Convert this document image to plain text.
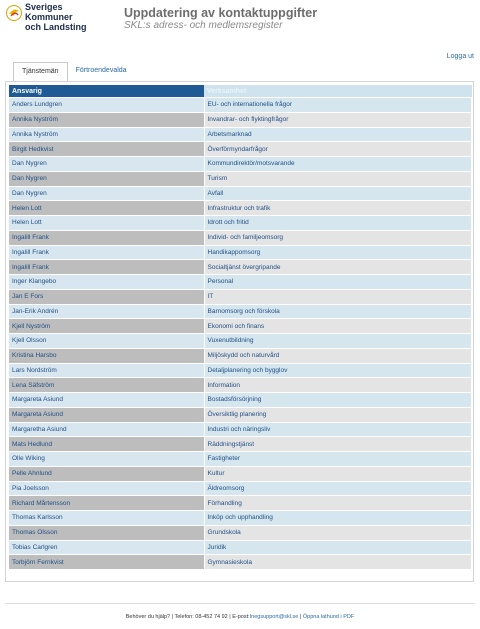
Sveriges
Kommuner
och Landsting
Uppdatering av kontaktuppgifter
SKL:s adress- och medlemsregister
Logga ut
Tjänstemän	Förtroendevalda
Ansvarig	Verksamhet
Anders Lundgren	EU- och internationella frågor
Annika Nyström	Invandrar- och flyktingfrågor
Annika Nyström	Arbetsmarknad
Birgit Hedkvist	Överförmyndarfrågor
Dan Nygren	Kommundirektör/motsvarande
Dan Nygren	Turism
Dan Nygren	Avfall
Helen Lott	Infrastruktur och trafik
Helen Lott	Idrott och fritid
Ingalill Frank	Individ- och familjeomsorg
Ingalill Frank	Handikappomsorg
Ingalill Frank	Socialtjänst övergripande
Inger Klangebo	Personal
Jan E Fors	IT
Jan-Erik Andrén	Barnomsorg och förskola
Kjell Nyström	Ekonomi och finans
Kjell Olsson	Vuxenutbildning
Kristina Harsbo	Miljöskydd och naturvård
Lars Nordström	Detaljplanering och bygglov
Lena Säfström	Information
Margareta Asiund	Bostadsförsörjning
Margareta Asiund	Översiktlig planering
Margaretha Asiund	Industri och näringsliv
Mats Hedlund	Räddningstjänst
Olle Wiking	Fastigheter
Pelle Ahnlund	Kultur
Pia Joelsson	Äldreomsorg
Richard Mårtensson	Förhandling
Thomas Karlsson	Inköp och upphandling
Thomas Olsson	Grundskola
Tobias Carlgren	Juridik
Torbjörn Fernkvist	Gymnasieskola
Behöver du hjälp? | Telefon: 08-452 74 92 | E-post:Inegsupport@skl.se | Öppna lathund i PDF
